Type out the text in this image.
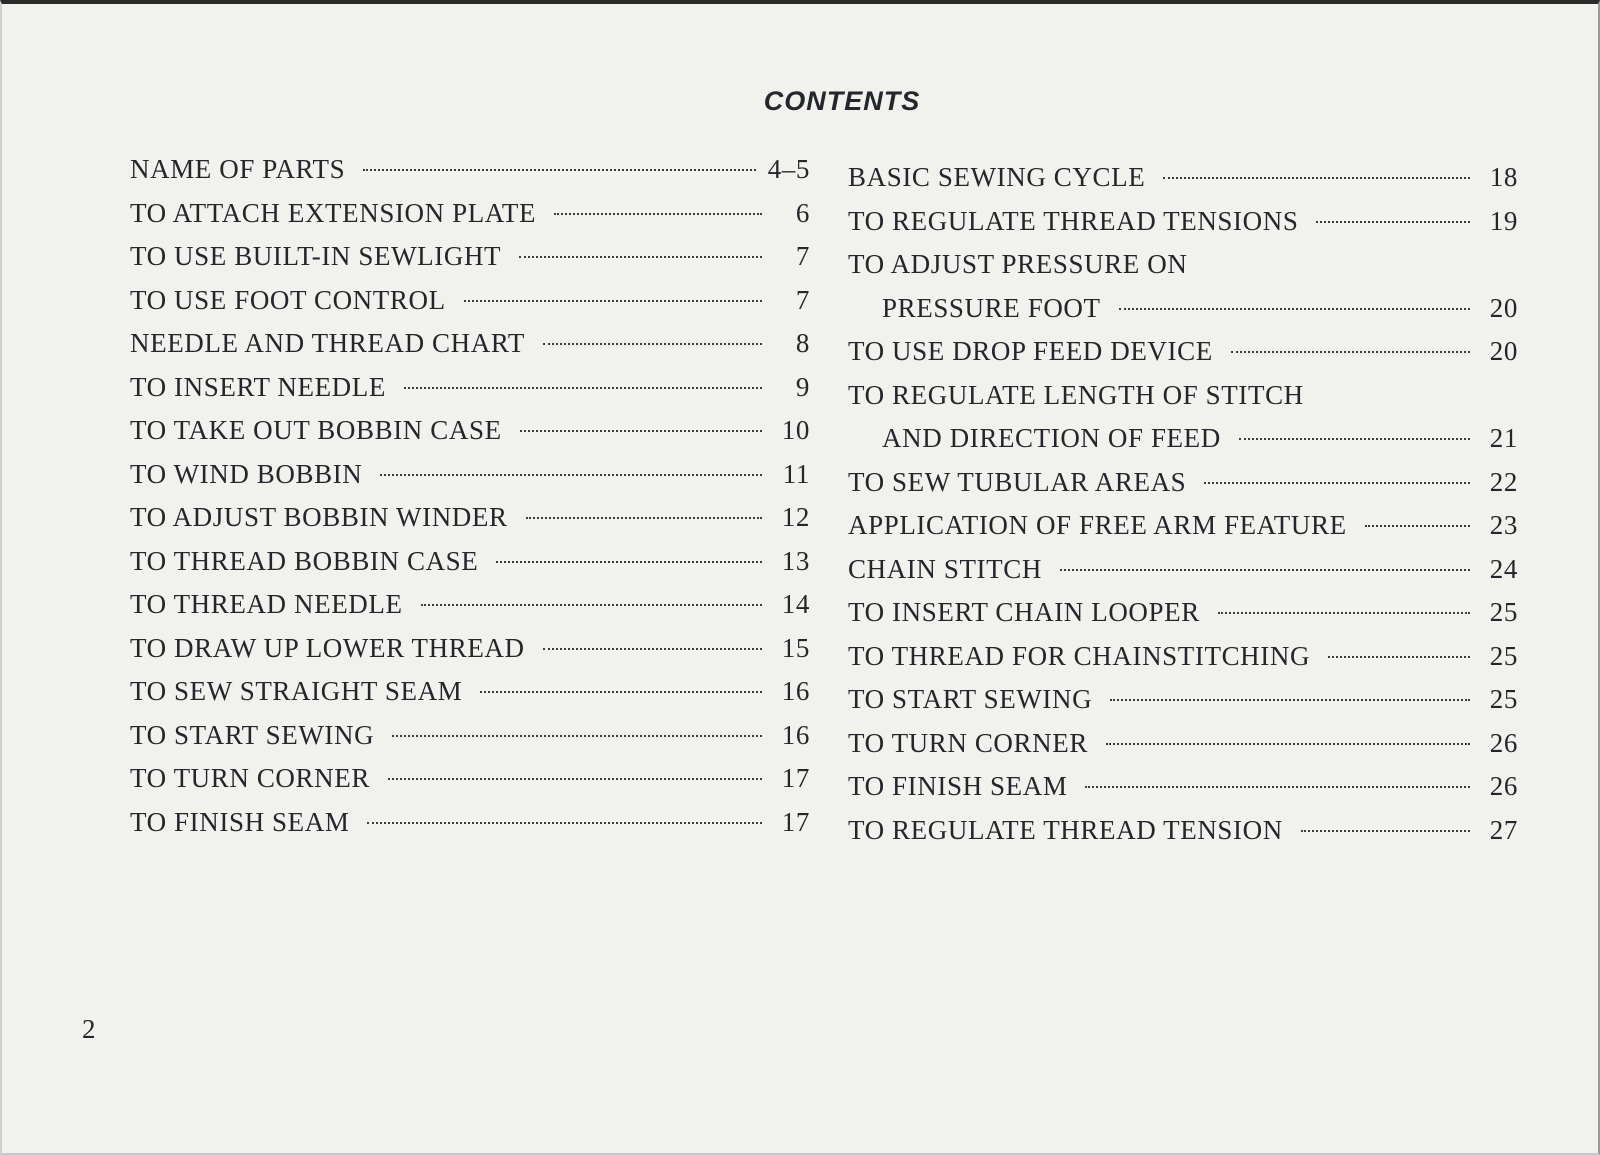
CONTENTS
NAME OF PARTS	4–5
TO ATTACH EXTENSION PLATE	6
TO USE BUILT-IN SEWLIGHT	7
TO USE FOOT CONTROL	7
NEEDLE AND THREAD CHART	8
TO INSERT NEEDLE	9
TO TAKE OUT BOBBIN CASE	10
TO WIND BOBBIN	11
TO ADJUST BOBBIN WINDER	12
TO THREAD BOBBIN CASE	13
TO THREAD NEEDLE	14
TO DRAW UP LOWER THREAD	15
TO SEW STRAIGHT SEAM	16
TO START SEWING	16
TO TURN CORNER	17
TO FINISH SEAM	17
BASIC SEWING CYCLE	18
TO REGULATE THREAD TENSIONS	19
TO ADJUST PRESSURE ON
PRESSURE FOOT	20
TO USE DROP FEED DEVICE	20
TO REGULATE LENGTH OF STITCH
AND DIRECTION OF FEED	21
TO SEW TUBULAR AREAS	22
APPLICATION OF FREE ARM FEATURE	23
CHAIN STITCH	24
TO INSERT CHAIN LOOPER	25
TO THREAD FOR CHAINSTITCHING	25
TO START SEWING	25
TO TURN CORNER	26
TO FINISH SEAM	26
TO REGULATE THREAD TENSION	27
2
